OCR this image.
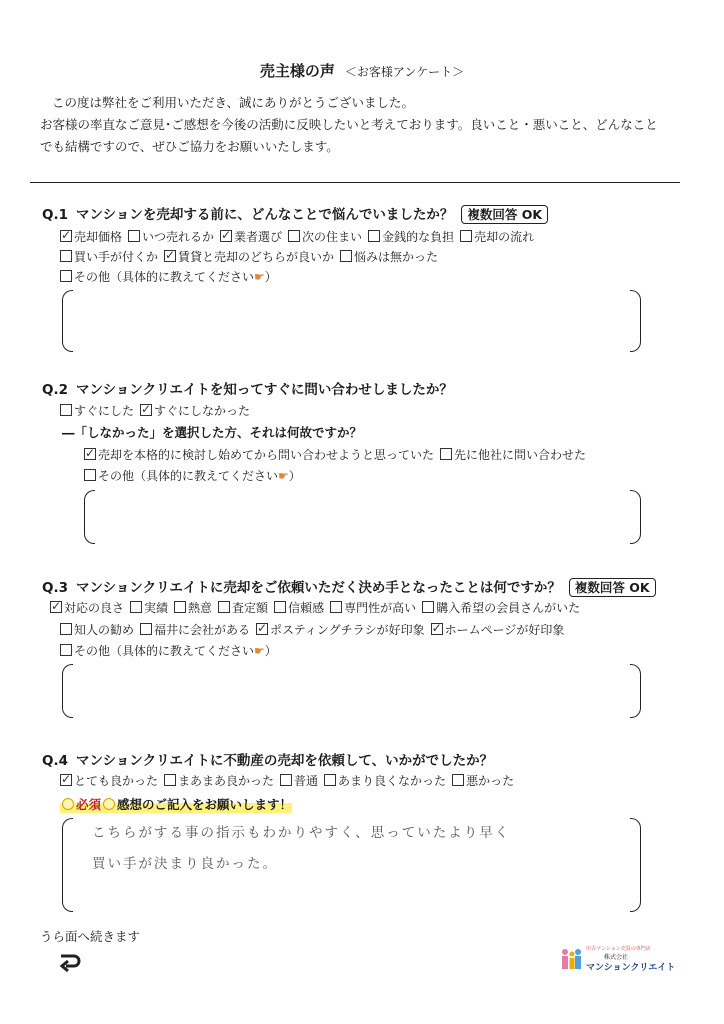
売主様の声 ＜お客様アンケート＞
この度は弊社をご利用いただき、誠にありがとうございました。
お客様の率直なご意見･ご感想を今後の活動に反映したいと考えております。良いこと・悪いこと、どんなこと
でも結構ですので、ぜひご協力をお願いいたします。
Q.1 マンションを売却する前に、どんなことで悩んでいましたか？ 複数回答 OK
✓売却価格 いつ売れるか ✓ 業者選び 次の住まい 金銭的な負担 売却の流れ
買い手が付くか ✓ 賃貸と売却のどちらが良いか 悩みは無かった
その他（具体的に教えてください☛）
Q.2 マンションクリエイトを知ってすぐに問い合わせしましたか？
すぐにした ✓ すぐにしなかった
―「しなかった」を選択した方、それは何故ですか？
✓売却を本格的に検討し始めてから問い合わせようと思っていた 先に他社に問い合わせた
その他（具体的に教えてください☛）
Q.3 マンションクリエイトに売却をご依頼いただく決め手となったことは何ですか？ 複数回答 OK
✓対応の良さ 実績 熱意 査定額 信頼感 専門性が高い 購入希望の会員さんがいた
知人の勧め 福井に会社がある ✓ ポスティングチラシが好印象 ✓ ホームページが好印象
その他（具体的に教えてください☛）
Q.4 マンションクリエイトに不動産の売却を依頼して、いかがでしたか？
✓とても良かった まあまあ良かった 普通 あまり良くなかった 悪かった
必須 感想のご記入をお願いします！
こちらがする事の指示もわかりやすく、思っていたより早く
買い手が決まり良かった。
うら面へ続きます
中古マンション売買の専門店
株式会社
マンションクリエイト
